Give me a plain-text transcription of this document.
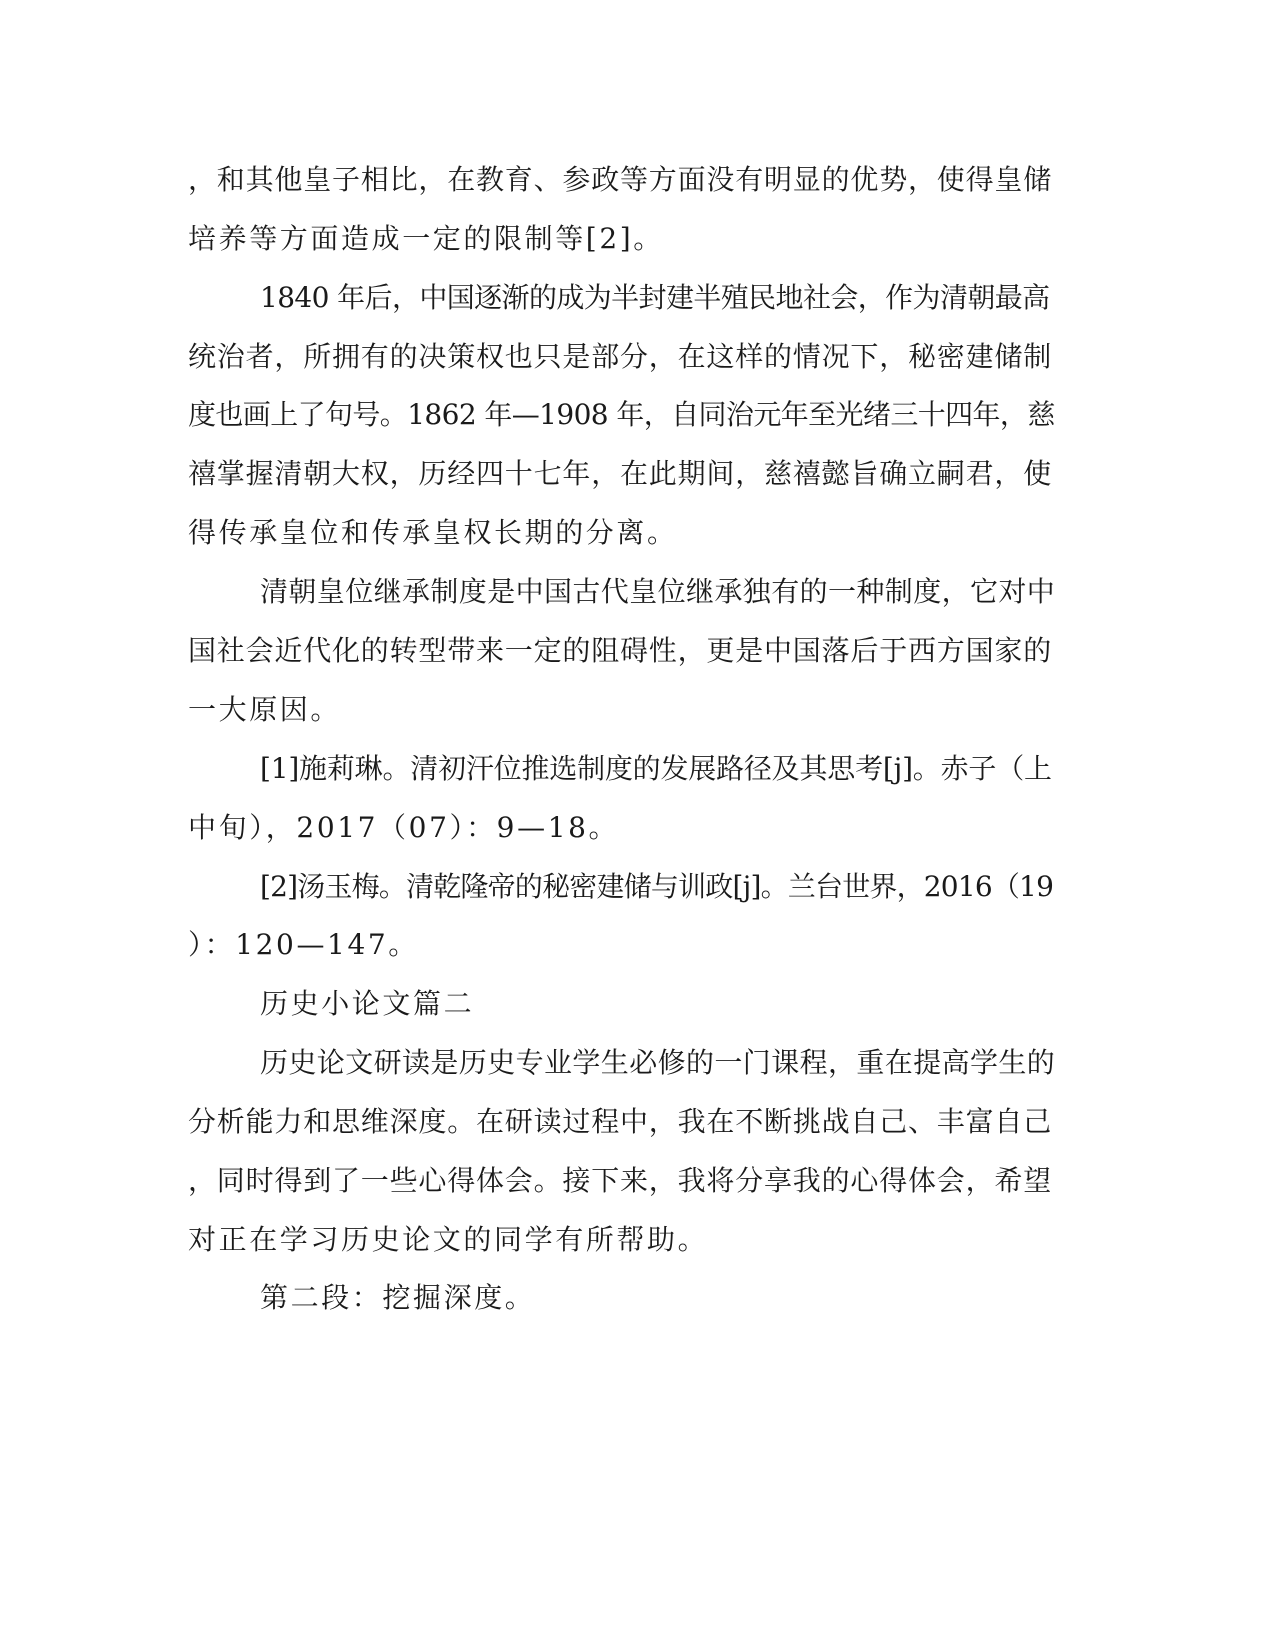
，和其他皇子相比，在教育、参政等方面没有明显的优势，使得皇储

培养等方面造成一定的限制等[2]。

1840 年后，中国逐渐的成为半封建半殖民地社会，作为清朝最高

统治者，所拥有的决策权也只是部分，在这样的情况下，秘密建储制

度也画上了句号。1862 年—1908 年，自同治元年至光绪三十四年，慈

禧掌握清朝大权，历经四十七年，在此期间，慈禧懿旨确立嗣君，使

得传承皇位和传承皇权长期的分离。

清朝皇位继承制度是中国古代皇位继承独有的一种制度，它对中

国社会近代化的转型带来一定的阻碍性，更是中国落后于西方国家的

一大原因。

[1]施莉琳。清初汗位推选制度的发展路径及其思考[j]。赤子（上

中旬），2017（07）：9—18。

[2]汤玉梅。清乾隆帝的秘密建储与训政[j]。兰台世界，2016（19

）：120—147。

历史小论文篇二

历史论文研读是历史专业学生必修的一门课程，重在提高学生的

分析能力和思维深度。在研读过程中，我在不断挑战自己、丰富自己

，同时得到了一些心得体会。接下来，我将分享我的心得体会，希望

对正在学习历史论文的同学有所帮助。

第二段：挖掘深度。
